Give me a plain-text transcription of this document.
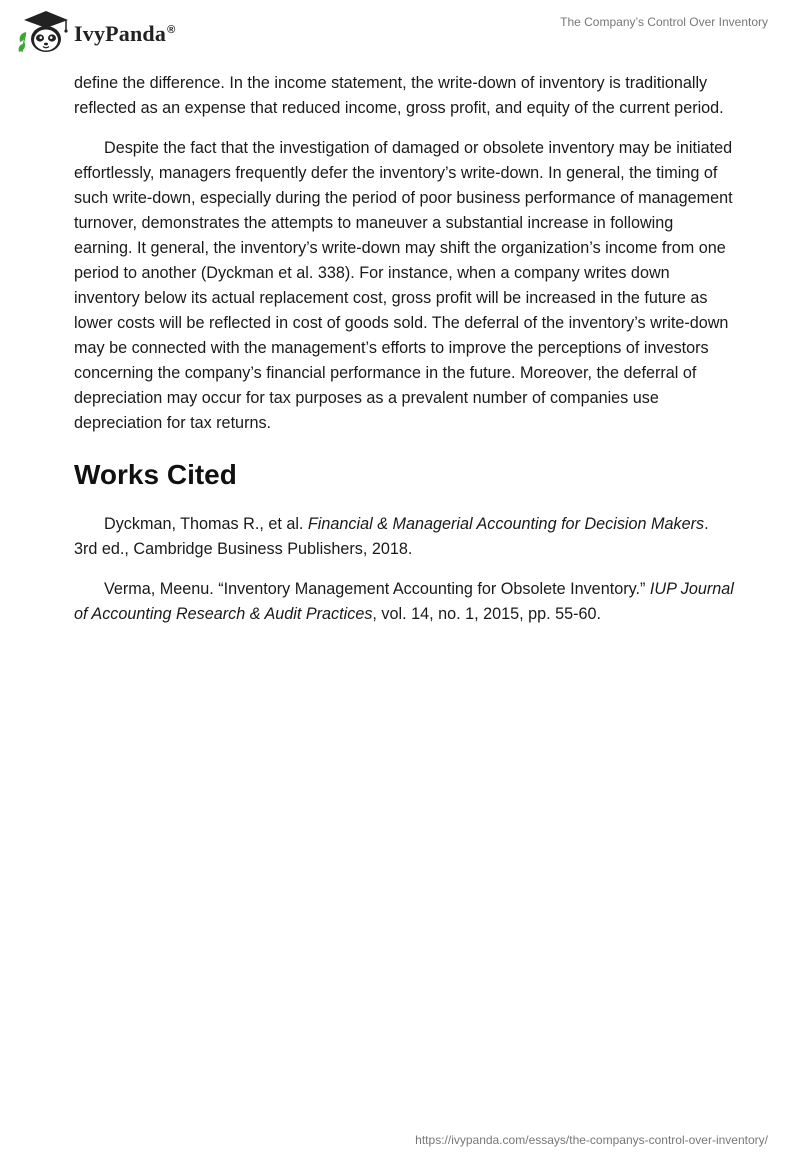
IvyPanda®
The Company’s Control Over Inventory

define the difference. In the income statement, the write-down of inventory is traditionally reflected as an expense that reduced income, gross profit, and equity of the current period.

Despite the fact that the investigation of damaged or obsolete inventory may be initiated effortlessly, managers frequently defer the inventory’s write-down. In general, the timing of such write-down, especially during the period of poor business performance of management turnover, demonstrates the attempts to maneuver a substantial increase in following earning. It general, the inventory’s write-down may shift the organization’s income from one period to another (Dyckman et al. 338). For instance, when a company writes down inventory below its actual replacement cost, gross profit will be increased in the future as lower costs will be reflected in cost of goods sold. The deferral of the inventory’s write-down may be connected with the management’s efforts to improve the perceptions of investors concerning the company’s financial performance in the future. Moreover, the deferral of depreciation may occur for tax purposes as a prevalent number of companies use depreciation for tax returns.

Works Cited

Dyckman, Thomas R., et al. Financial & Managerial Accounting for Decision Makers. 3rd ed., Cambridge Business Publishers, 2018.

Verma, Meenu. “Inventory Management Accounting for Obsolete Inventory.” IUP Journal of Accounting Research & Audit Practices, vol. 14, no. 1, 2015, pp. 55-60.

https://ivypanda.com/essays/the-companys-control-over-inventory/
